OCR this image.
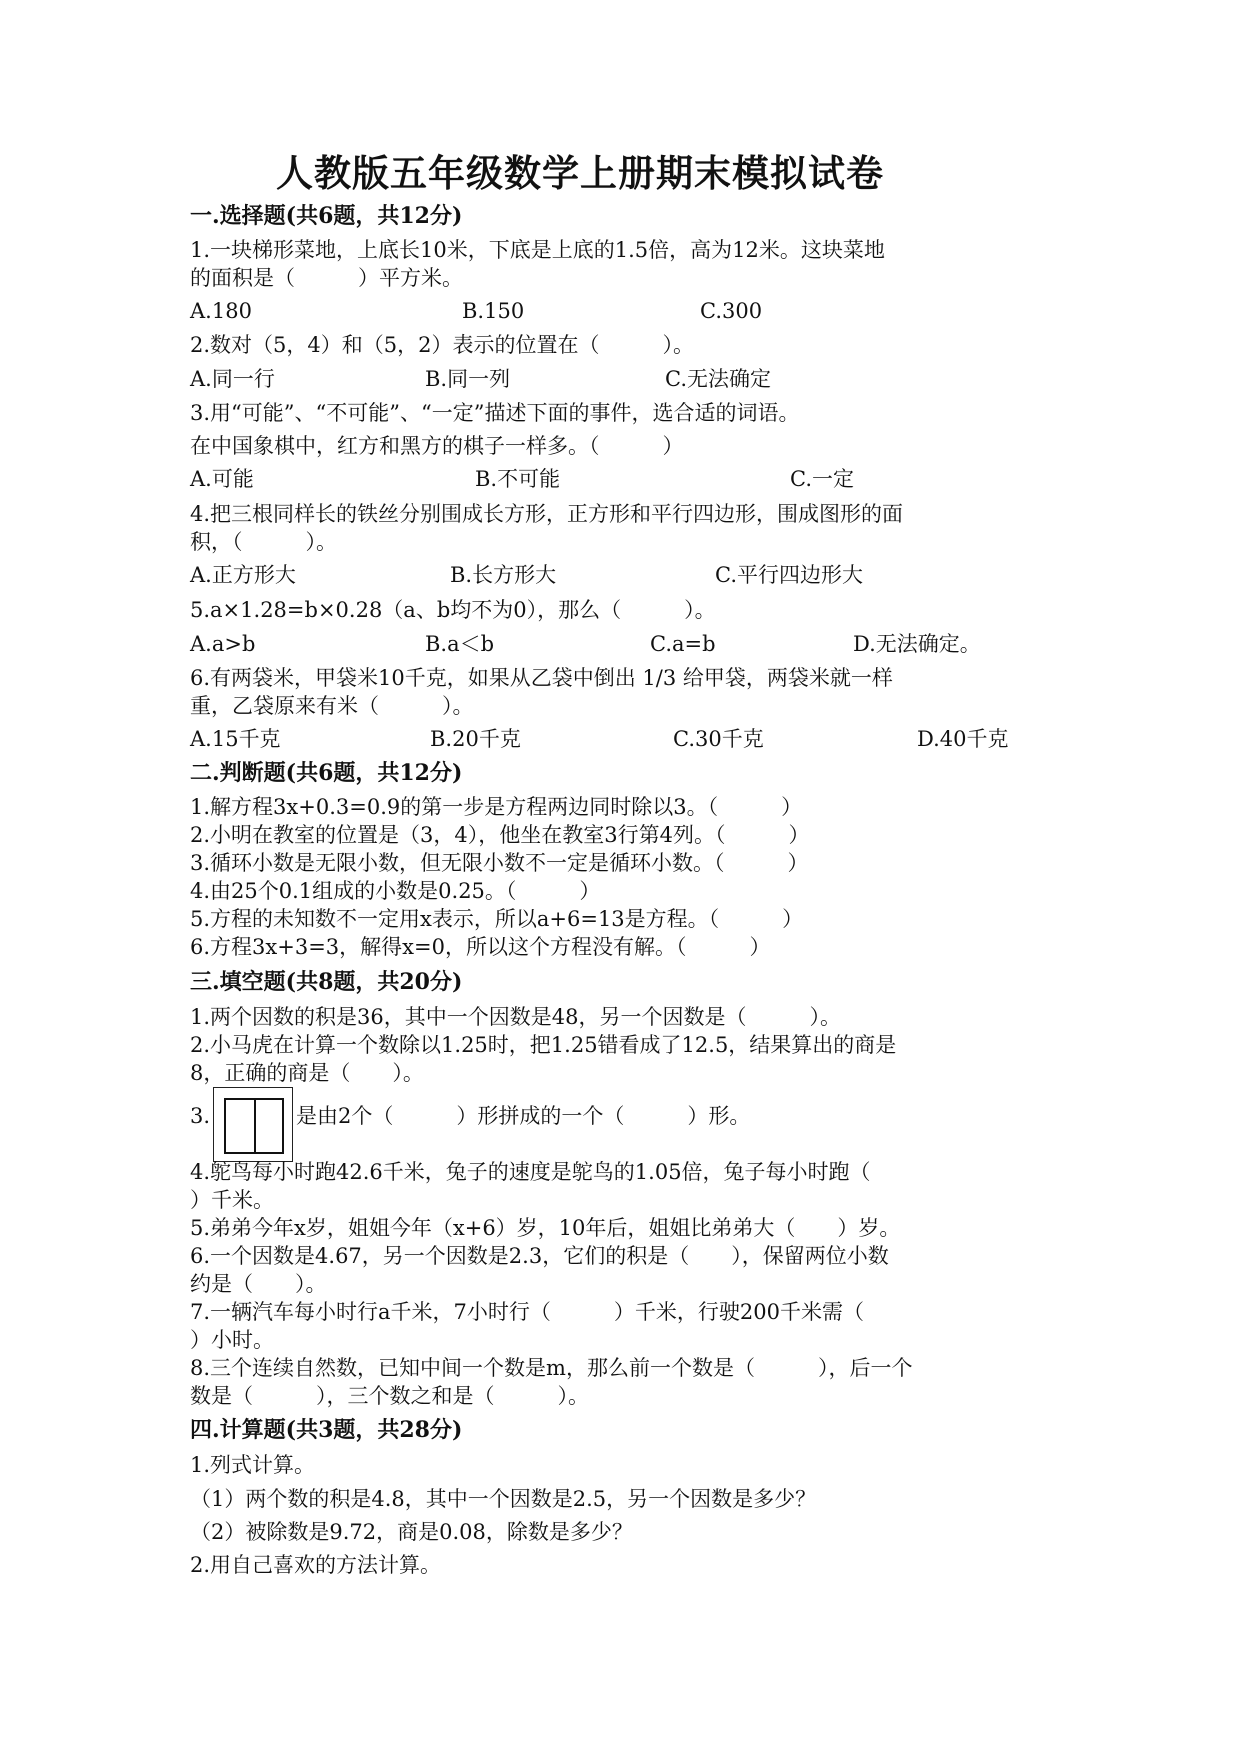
人教版五年级数学上册期末模拟试卷
一.选择题(共6题，共12分)
1.一块梯形菜地，上底长10米，下底是上底的1.5倍，高为12米。这块菜地
的面积是（　　　）平方米。
A.180	B.150	C.300
2.数对（5，4）和（5，2）表示的位置在（　　　）。
A.同一行	B.同一列	C.无法确定
3.用“可能”、“不可能”、“一定”描述下面的事件，选合适的词语。
在中国象棋中，红方和黑方的棋子一样多。（　　　）
A.可能	B.不可能	C.一定
4.把三根同样长的铁丝分别围成长方形，正方形和平行四边形，围成图形的面
积，（　　　）。
A.正方形大	B.长方形大	C.平行四边形大
5.a×1.28=b×0.28（a、b均不为0），那么（　　　）。
A.a>b	B.a＜b	C.a=b	D.无法确定。
6.有两袋米，甲袋米10千克，如果从乙袋中倒出 1/3 给甲袋，两袋米就一样
重，乙袋原来有米（　　　）。
A.15千克	B.20千克	C.30千克	D.40千克
二.判断题(共6题，共12分)
1.解方程3x+0.3=0.9的第一步是方程两边同时除以3。（　　　）
2.小明在教室的位置是（3，4），他坐在教室3行第4列。（　　　）
3.循环小数是无限小数，但无限小数不一定是循环小数。（　　　）
4.由25个0.1组成的小数是0.25。（　　　）
5.方程的未知数不一定用x表示，所以a+6=13是方程。（　　　）
6.方程3x+3=3，解得x=0，所以这个方程没有解。（　　　）
三.填空题(共8题，共20分)
1.两个因数的积是36，其中一个因数是48，另一个因数是（　　　）。
2.小马虎在计算一个数除以1.25时，把1.25错看成了12.5，结果算出的商是
8，正确的商是（　　）。
3.	是由2个（　　　）形拼成的一个（　　　）形。
4.鸵鸟每小时跑42.6千米，兔子的速度是鸵鸟的1.05倍，兔子每小时跑（
）千米。
5.弟弟今年x岁，姐姐今年（x+6）岁，10年后，姐姐比弟弟大（　　）岁。
6.一个因数是4.67，另一个因数是2.3，它们的积是（　　），保留两位小数
约是（　　）。
7.一辆汽车每小时行a千米，7小时行（　　　）千米，行驶200千米需（
）小时。
8.三个连续自然数，已知中间一个数是m，那么前一个数是（　　　），后一个
数是（　　　），三个数之和是（　　　）。
四.计算题(共3题，共28分)
1.列式计算。
（1）两个数的积是4.8，其中一个因数是2.5，另一个因数是多少？
（2）被除数是9.72，商是0.08，除数是多少？
2.用自己喜欢的方法计算。
